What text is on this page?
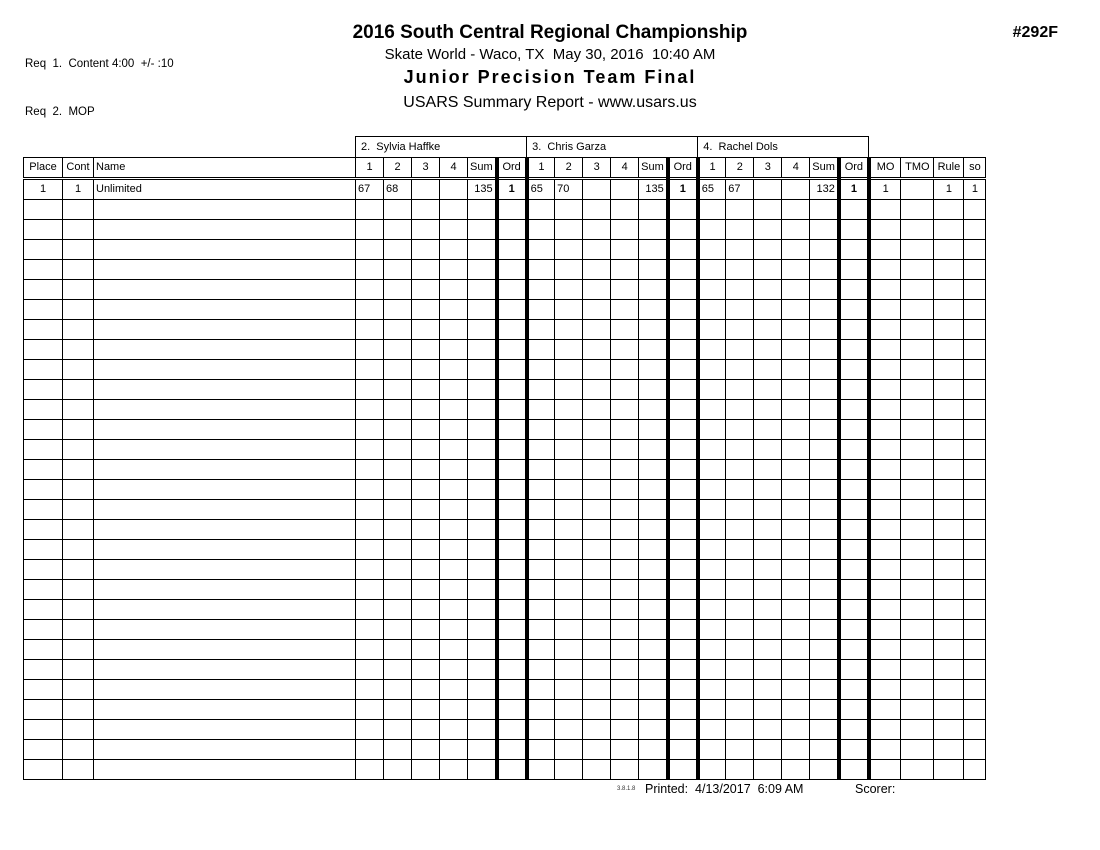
Req  1.  Content 4:00  +/- :10

Req  2.  MOP

2016 South Central Regional Championship
Skate World - Waco, TX  May 30, 2016  10:40 AM
Junior Precision Team Final
USARS Summary Report - www.usars.us
#292F
			2.  Sylvia Haffke						3.  Chris Garza						4.  Rachel Dols									
Place	Cont	Name	1	2	3	4	Sum	Ord	1	2	3	4	Sum	Ord	1	2	3	4	Sum	Ord	MO	TMO	Rule	so
1	1	Unlimited	67	68			135	1	65	70			135	1	65	67			132	1	1		1	1

3.8.1.8 Printed: 4/13/2017  6:09 AM	Scorer:
